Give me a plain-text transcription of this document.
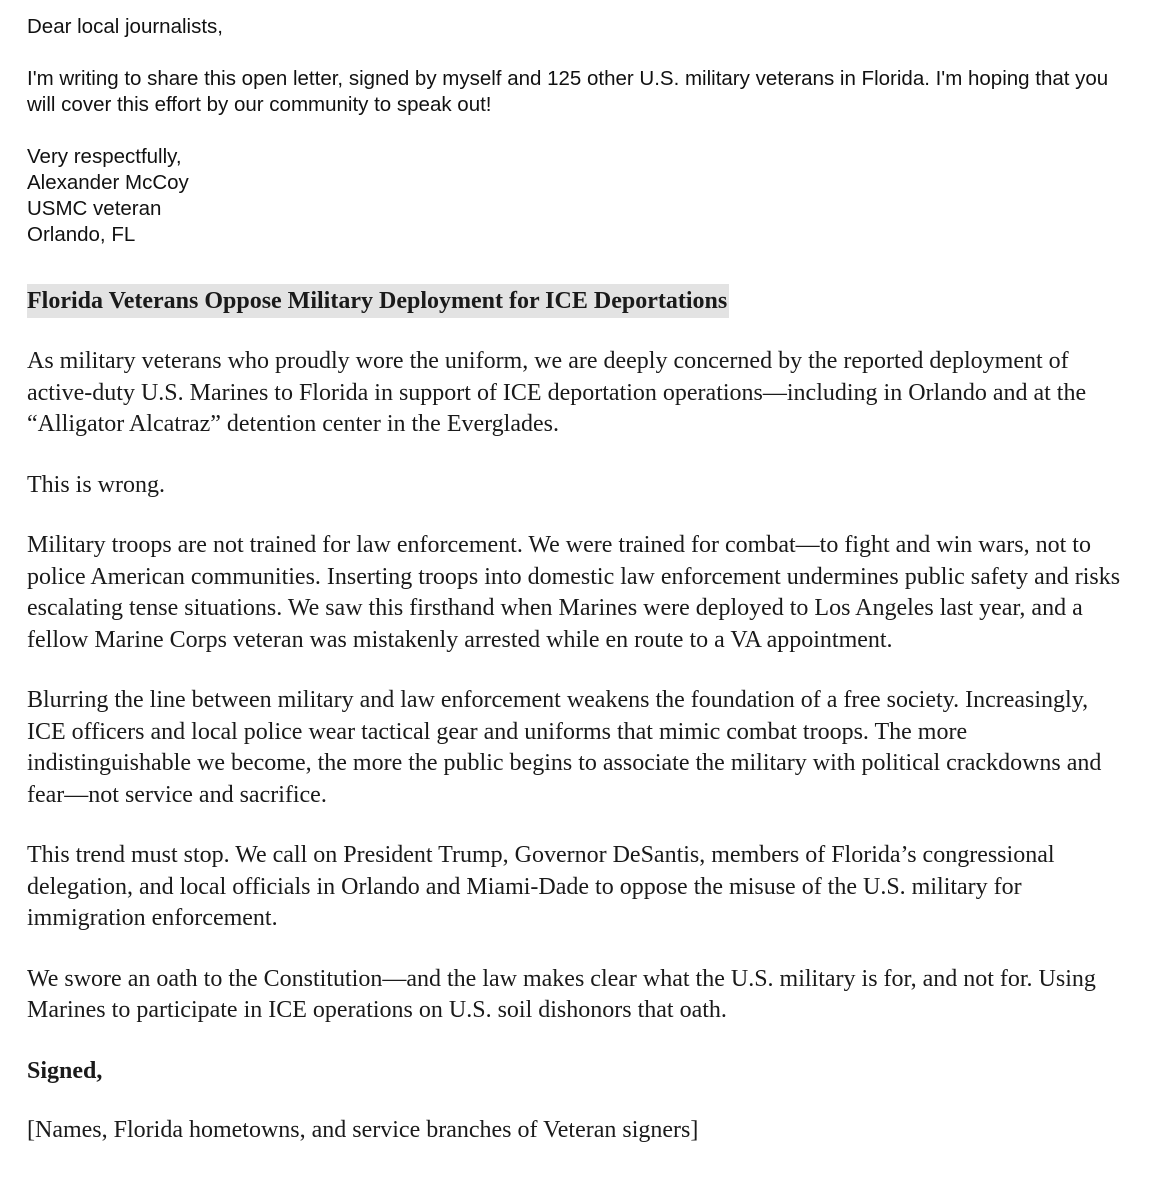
Dear local journalists,

I'm writing to share this open letter, signed by myself and 125 other U.S. military veterans in Florida. I'm hoping that you will cover this effort by our community to speak out!

Very respectfully,
Alexander McCoy
USMC veteran
Orlando, FL
Florida Veterans Oppose Military Deployment for ICE Deportations

As military veterans who proudly wore the uniform, we are deeply concerned by the reported deployment of active-duty U.S. Marines to Florida in support of ICE deportation operations—including in Orlando and at the “Alligator Alcatraz” detention center in the Everglades.

This is wrong.

Military troops are not trained for law enforcement. We were trained for combat—to fight and win wars, not to police American communities. Inserting troops into domestic law enforcement undermines public safety and risks escalating tense situations. We saw this firsthand when Marines were deployed to Los Angeles last year, and a fellow Marine Corps veteran was mistakenly arrested while en route to a VA appointment.

Blurring the line between military and law enforcement weakens the foundation of a free society. Increasingly, ICE officers and local police wear tactical gear and uniforms that mimic combat troops. The more indistinguishable we become, the more the public begins to associate the military with political crackdowns and fear—not service and sacrifice.

This trend must stop. We call on President Trump, Governor DeSantis, members of Florida’s congressional delegation, and local officials in Orlando and Miami-Dade to oppose the misuse of the U.S. military for immigration enforcement.

We swore an oath to the Constitution—and the law makes clear what the U.S. military is for, and not for. Using Marines to participate in ICE operations on U.S. soil dishonors that oath.

Signed,

[Names, Florida hometowns, and service branches of Veteran signers]
